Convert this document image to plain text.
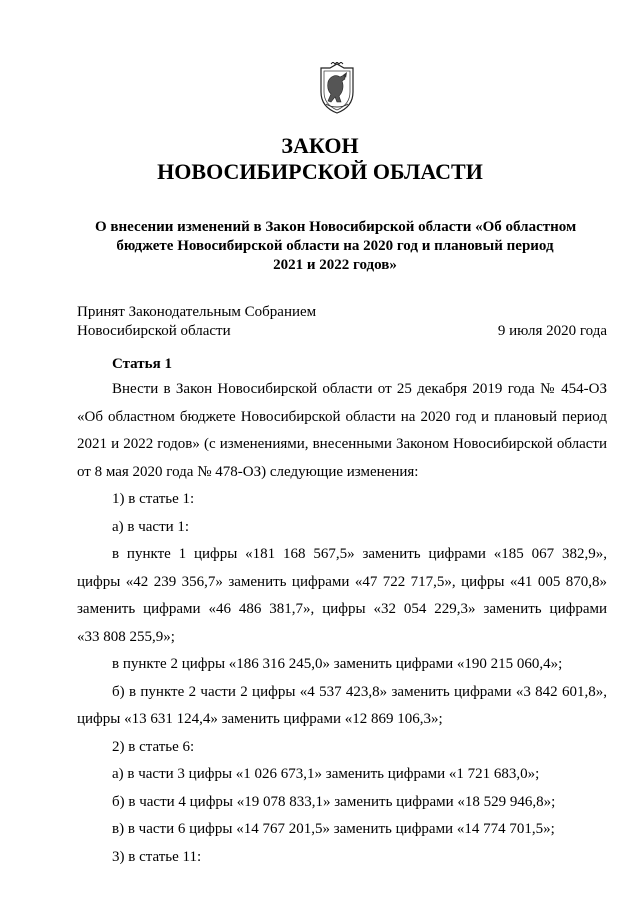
ЗАКОН
НОВОСИБИРСКОЙ ОБЛАСТИ
О внесении изменений в Закон Новосибирской области «Об областном
бюджете Новосибирской области на 2020 год и плановый период
2021 и 2022 годов»
Принят Законодательным Собранием
Новосибирской области	9 июля 2020 года
Статья 1
Внести в Закон Новосибирской области от 25 декабря 2019 года № 454-ОЗ
«Об областном бюджете Новосибирской области на 2020 год и плановый период
2021 и 2022 годов» (с изменениями, внесенными Законом Новосибирской области
от 8 мая 2020 года № 478-ОЗ) следующие изменения:
1) в статье 1:
а) в части 1:
в пункте 1 цифры «181 168 567,5» заменить цифрами «185 067 382,9»,
цифры «42 239 356,7» заменить цифрами «47 722 717,5», цифры «41 005 870,8»
заменить цифрами «46 486 381,7», цифры «32 054 229,3» заменить цифрами
«33 808 255,9»;
в пункте 2 цифры «186 316 245,0» заменить цифрами «190 215 060,4»;
б) в пункте 2 части 2 цифры «4 537 423,8» заменить цифрами «3 842 601,8»,
цифры «13 631 124,4» заменить цифрами «12 869 106,3»;
2) в статье 6:
а) в части 3 цифры «1 026 673,1» заменить цифрами «1 721 683,0»;
б) в части 4 цифры «19 078 833,1» заменить цифрами «18 529 946,8»;
в) в части 6 цифры «14 767 201,5» заменить цифрами «14 774 701,5»;
3) в статье 11:
